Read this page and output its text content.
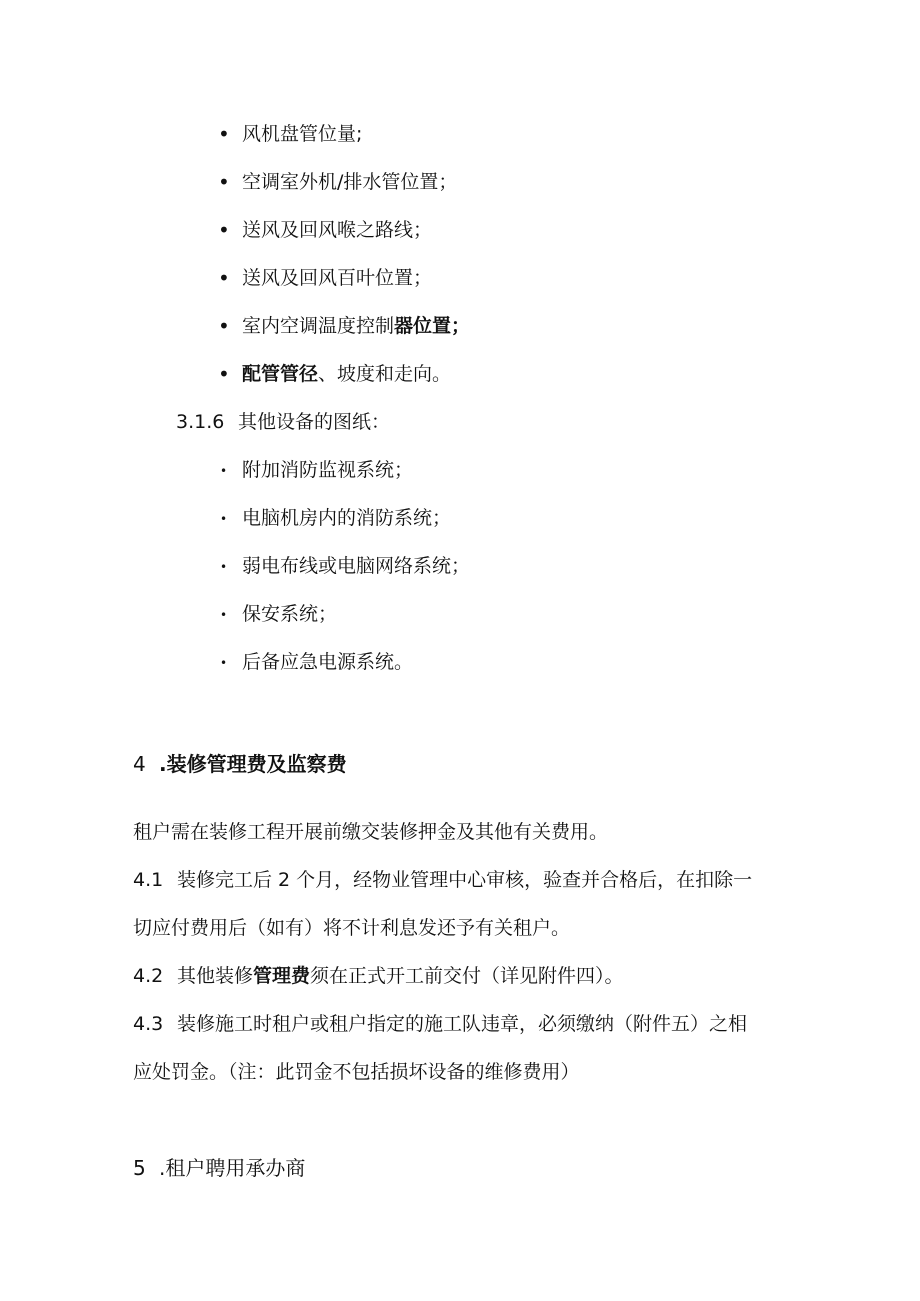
• 风机盘管位量;
• 空调室外机/排水管位置；
• 送风及回风喉之路线；
• 送风及回风百叶位置；
• 室内空调温度控制器位置；
• 配管管径、坡度和走向。
3.1.6 其他设备的图纸：
• 附加消防监视系统；
• 电脑机房内的消防系统；
• 弱电布线或电脑网络系统；
• 保安系统；
• 后备应急电源系统。
4 .装修管理费及监察费
租户需在装修工程开展前缴交装修押金及其他有关费用。
4.1 装修完工后 2 个月，经物业管理中心审核，验查并合格后，在扣除一
切应付费用后（如有）将不计利息发还予有关租户。
4.2 其他装修管理费须在正式开工前交付（详见附件四）。
4.3 装修施工时租户或租户指定的施工队违章，必须缴纳（附件五）之相
应处罚金。（注：此罚金不包括损坏设备的维修费用）
5 .租户聘用承办商
